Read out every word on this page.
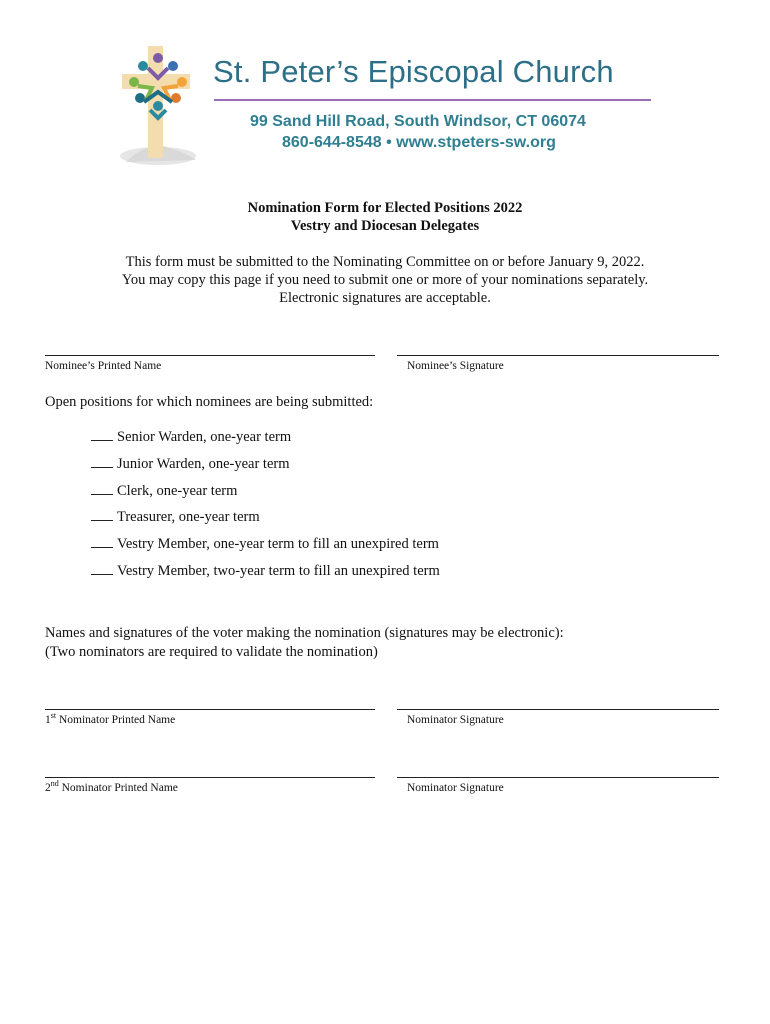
St. Peter’s Episcopal Church
99 Sand Hill Road, South Windsor, CT 06074
860-644-8548 • www.stpeters-sw.org
Nomination Form for Elected Positions 2022
Vestry and Diocesan Delegates
This form must be submitted to the Nominating Committee on or before January 9, 2022.
You may copy this page if you need to submit one or more of your nominations separately.
Electronic signatures are acceptable.
Nominee’s Printed Name	Nominee’s Signature
Open positions for which nominees are being submitted:
Senior Warden, one-year term
Junior Warden, one-year term
Clerk, one-year term
Treasurer, one-year term
Vestry Member, one-year term to fill an unexpired term
Vestry Member, two-year term to fill an unexpired term
Names and signatures of the voter making the nomination (signatures may be electronic):
(Two nominators are required to validate the nomination)
1st Nominator Printed Name	Nominator Signature
2nd Nominator Printed Name	Nominator Signature
